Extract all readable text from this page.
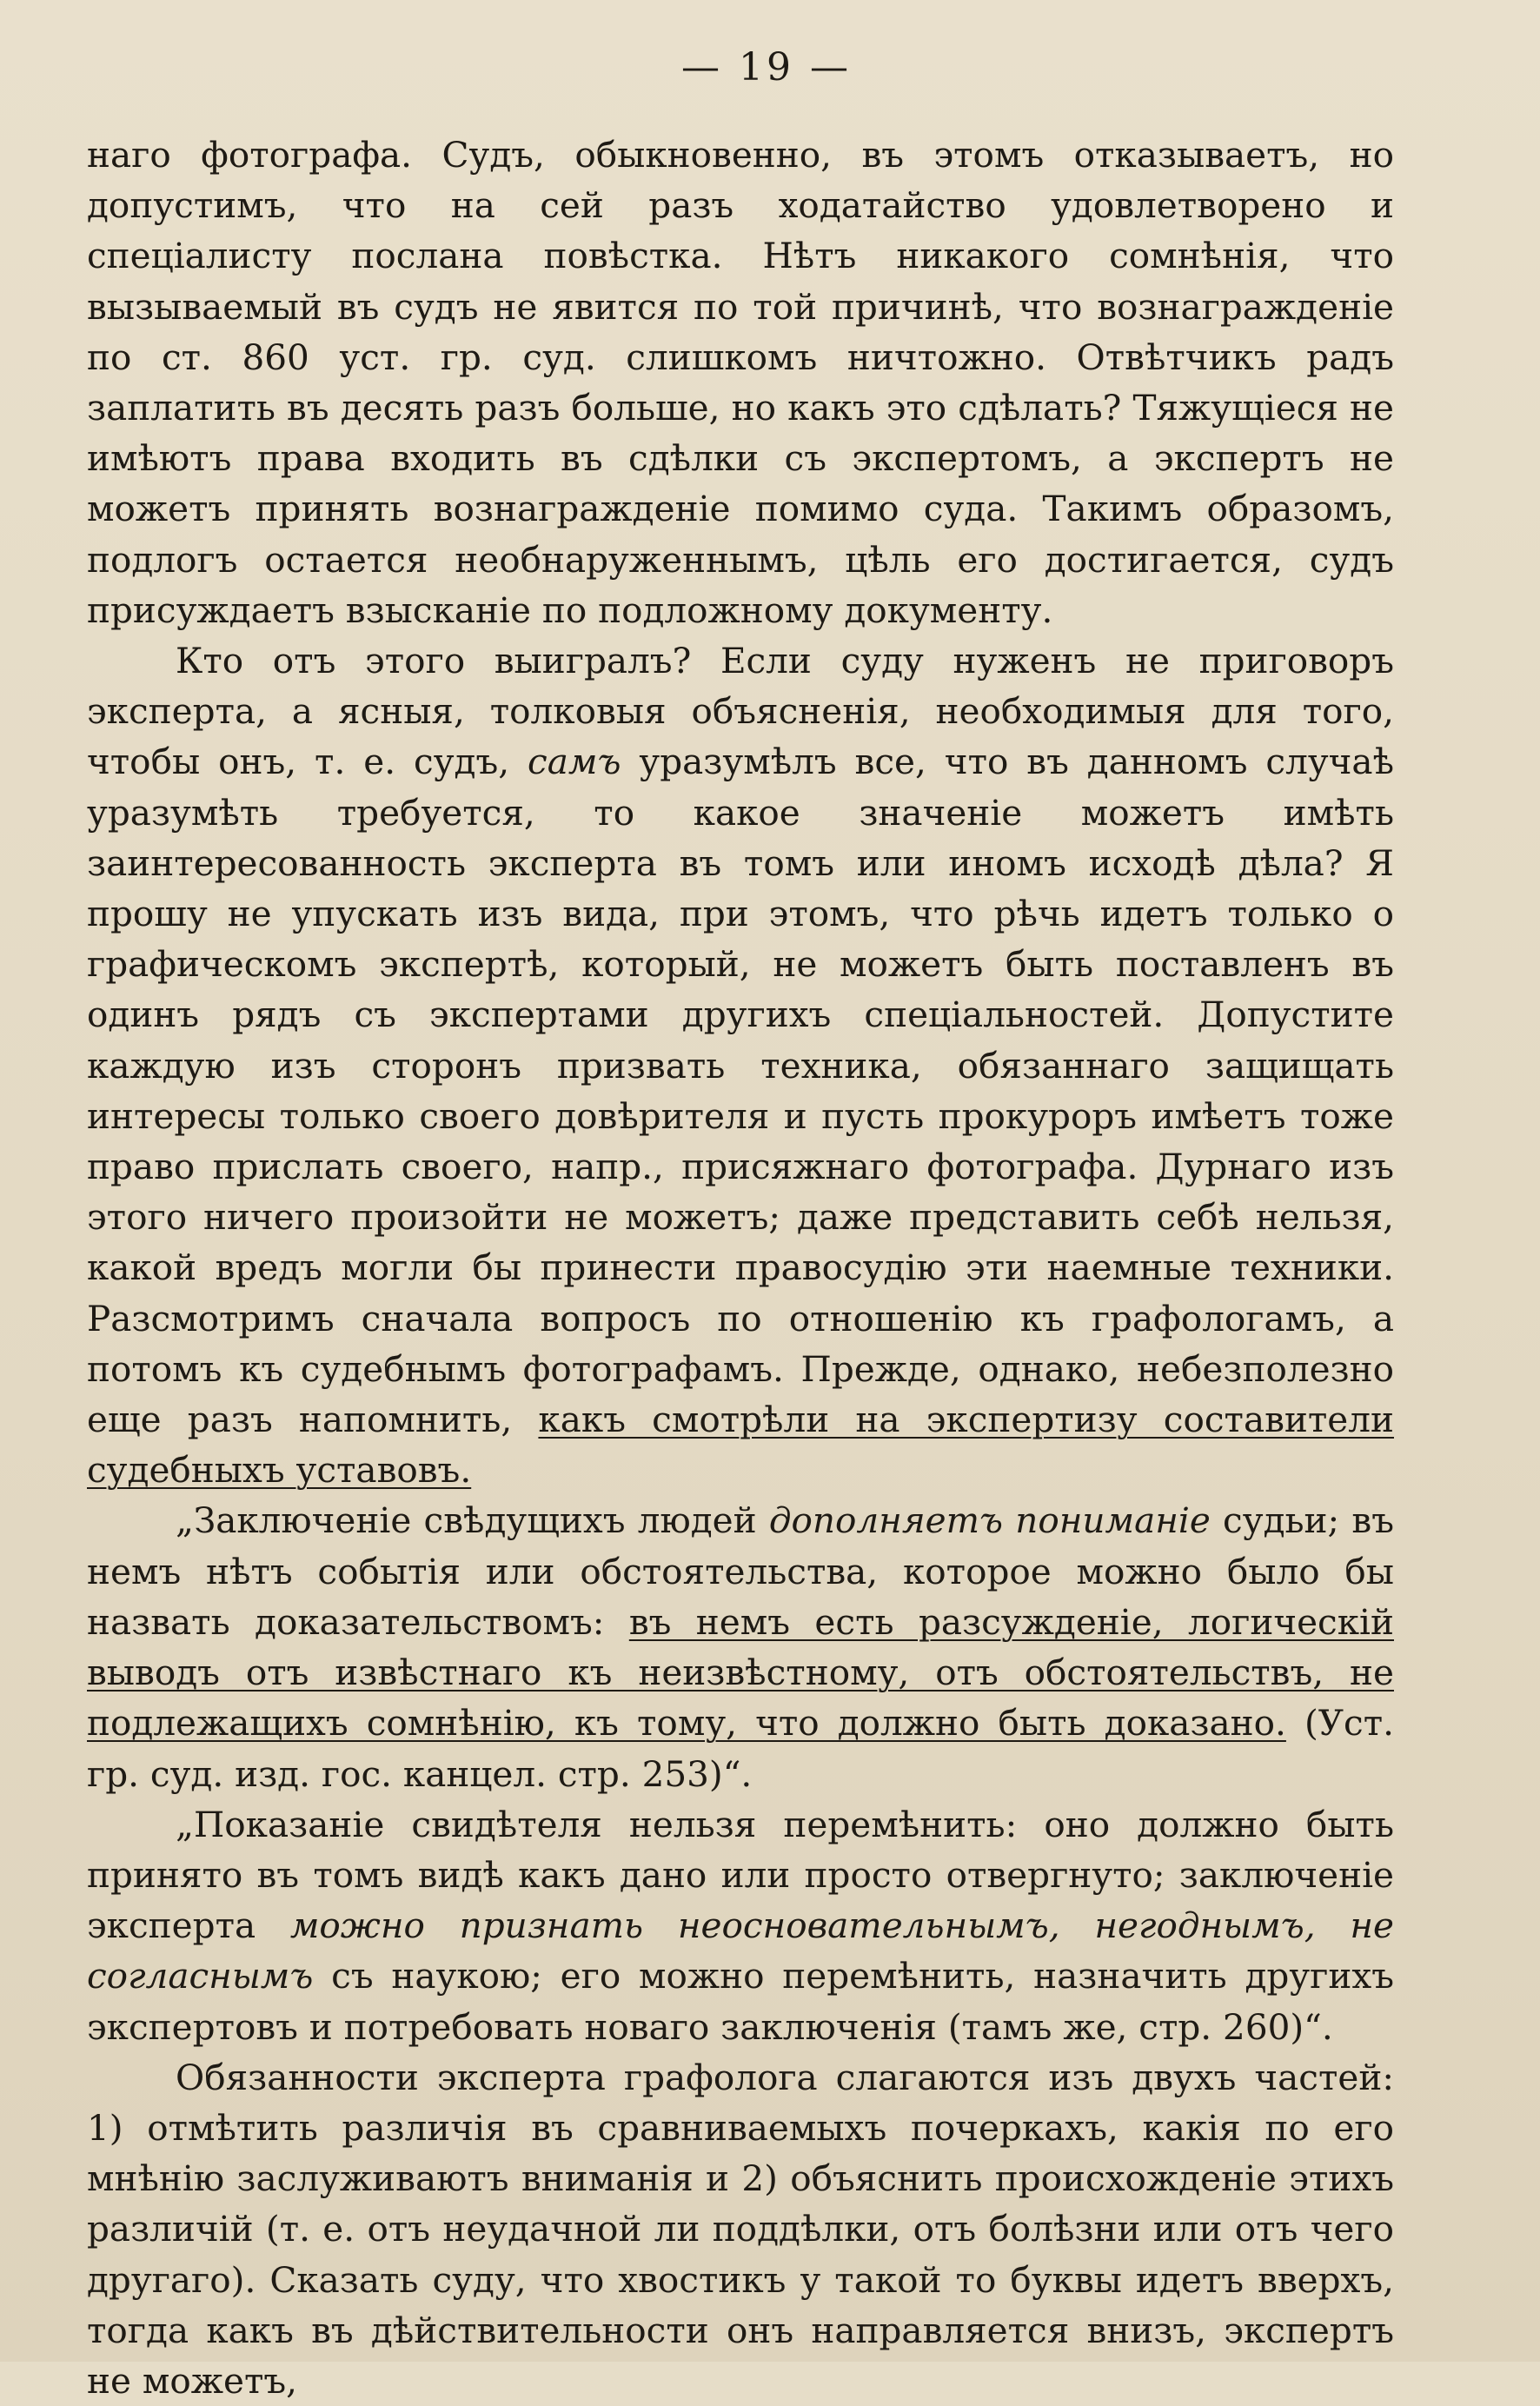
— 19 —

наго фотографа. Судъ, обыкновенно, въ этомъ отказываетъ, но допустимъ, что на сей разъ ходатайство удовлетворено и спеціалисту послана повѣстка. Нѣтъ никакого сомнѣнія, что вызываемый въ судъ не явится по той причинѣ, что вознагражденіе по ст. 860 уст. гр. суд. слишкомъ ничтожно. Отвѣтчикъ радъ заплатить въ десять разъ больше, но какъ это сдѣлать? Тяжущіеся не имѣютъ права входить въ сдѣлки съ экспертомъ, а экспертъ не можетъ принять вознагражденіе помимо суда. Такимъ образомъ, подлогъ остается необнаруженнымъ, цѣль его достигается, судъ присуждаетъ взысканіе по подложному документу.

Кто отъ этого выигралъ? Если суду нуженъ не приговоръ эксперта, а ясныя, толковыя объясненія, необходимыя для того, чтобы онъ, т. е. судъ, самъ уразумѣлъ все, что въ данномъ случаѣ уразумѣть требуется, то какое значеніе можетъ имѣть заинтересованность эксперта въ томъ или иномъ исходѣ дѣла? Я прошу не упускать изъ вида, при этомъ, что рѣчь идетъ только о графическомъ экспертѣ, который, не можетъ быть поставленъ въ одинъ рядъ съ экспертами другихъ спеціальностей. Допустите каждую изъ сторонъ призвать техника, обязаннаго защищать интересы только своего довѣрителя и пусть прокуроръ имѣетъ тоже право прислать своего, напр., присяжнаго фотографа. Дурнаго изъ этого ничего произойти не можетъ; даже представить себѣ нельзя, какой вредъ могли бы принести правосудію эти наемные техники. Разсмотримъ сначала вопросъ по отношенію къ графологамъ, а потомъ къ судебнымъ фотографамъ. Прежде, однако, небезполезно еще разъ напомнить, какъ смотрѣли на экспертизу составители судебныхъ уставовъ.

„Заключеніе свѣдущихъ людей дополняетъ пониманіе судьи; въ немъ нѣтъ событія или обстоятельства, которое можно было бы назвать доказательствомъ: въ немъ есть разсужденіе, логическій выводъ отъ извѣстнаго къ неизвѣстному, отъ обстоятельствъ, не подлежащихъ сомнѣнію, къ тому, что должно быть доказано. (Уст. гр. суд. изд. гос. канцел. стр. 253)“.

„Показаніе свидѣтеля нельзя перемѣнить: оно должно быть принято въ томъ видѣ какъ дано или просто отвергнуто; заключеніе эксперта можно признать неосновательнымъ, негоднымъ, не согласнымъ съ наукою; его можно перемѣнить, назначить другихъ экспертовъ и потребовать новаго заключенія (тамъ же, стр. 260)“.

Обязанности эксперта графолога слагаются изъ двухъ частей: 1) отмѣтить различія въ сравниваемыхъ почеркахъ, какія по его мнѣнію заслуживаютъ вниманія и 2) объяснить происхожденіе этихъ различій (т. е. отъ неудачной ли поддѣлки, отъ болѣзни или отъ чего другаго). Сказать суду, что хвостикъ у такой то буквы идетъ вверхъ, тогда какъ въ дѣйствительности онъ направляется внизъ, экспертъ не можетъ,
